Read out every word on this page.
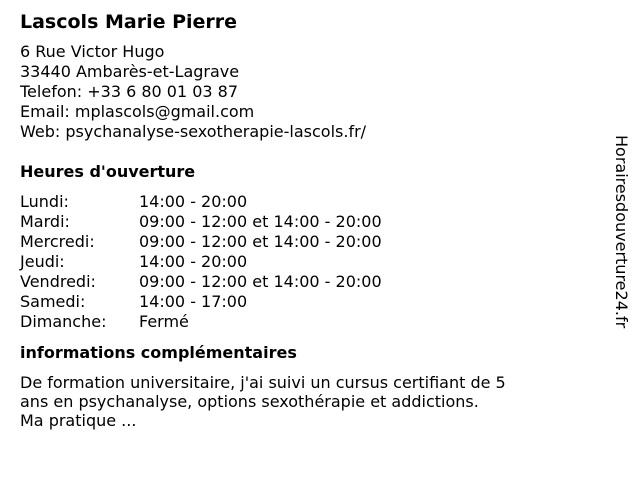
Lascols Marie Pierre
6 Rue Victor Hugo
33440 Ambarès-et-Lagrave
Telefon: +33 6 80 01 03 87
Email: mplascols@gmail.com
Web: psychanalyse-sexotherapie-lascols.fr/
Heures d'ouverture
Lundi:	14:00 - 20:00
Mardi:	09:00 - 12:00 et 14:00 - 20:00
Mercredi:	09:00 - 12:00 et 14:00 - 20:00
Jeudi:	14:00 - 20:00
Vendredi:	09:00 - 12:00 et 14:00 - 20:00
Samedi:	14:00 - 17:00
Dimanche:	Fermé
informations complémentaires
De formation universitaire, j'ai suivi un cursus certifiant de 5
ans en psychanalyse, options sexothérapie et addictions.
Ma pratique ...
Horairesdouverture24.fr
